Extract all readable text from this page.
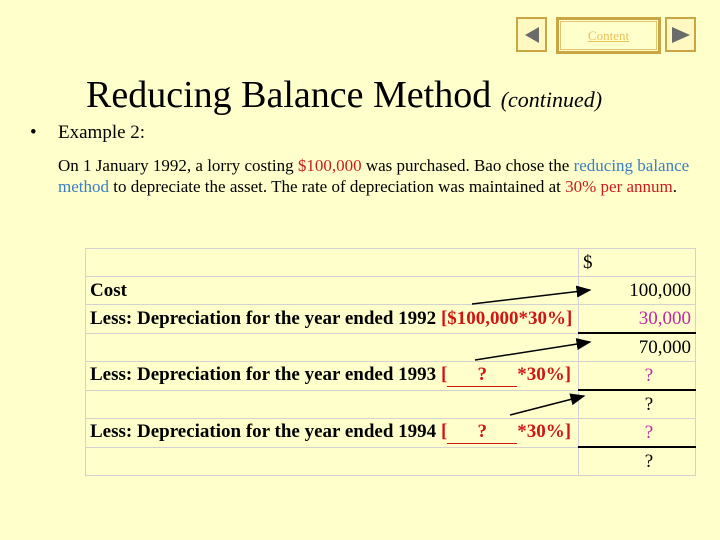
Content
Reducing Balance Method (continued)
• Example 2:
On 1 January 1992, a lorry costing $100,000 was purchased. Bao chose the reducing balance method to depreciate the asset. The rate of depreciation was maintained at 30% per annum.
	$
Cost	100,000
Less: Depreciation for the year ended 1992 [$100,000*30%]	30,000
	70,000
Less: Depreciation for the year ended 1993 [ ? *30%]	?
	?
Less: Depreciation for the year ended 1994 [ ? *30%]	?
	?
